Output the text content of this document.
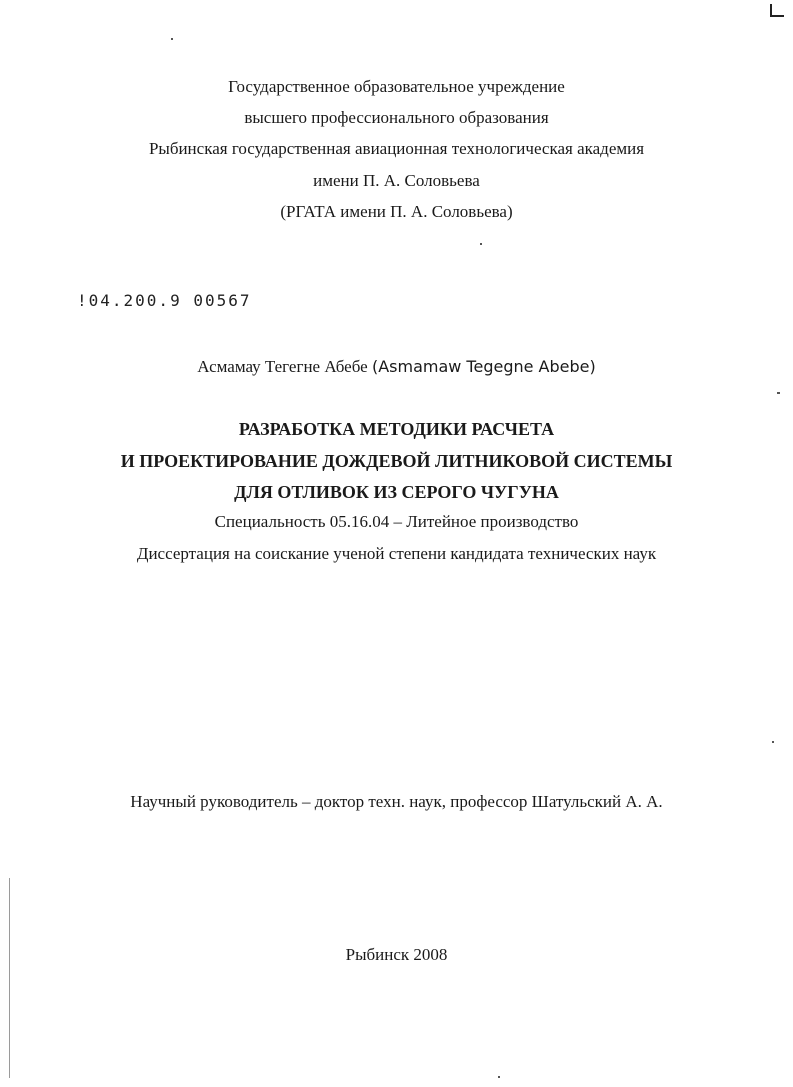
Государственное образовательное учреждение
высшего профессионального образования
Рыбинская государственная авиационная технологическая академия
имени П. А. Соловьева
(РГАТА имени П. А. Соловьева)
!04.200.9 00567
Асмамау Тегегне Абебе (Asmamaw Tegegne Abebe)
РАЗРАБОТКА МЕТОДИКИ РАСЧЕТА
И ПРОЕКТИРОВАНИЕ ДОЖДЕВОЙ ЛИТНИКОВОЙ СИСТЕМЫ
ДЛЯ ОТЛИВОК ИЗ СЕРОГО ЧУГУНА
Специальность 05.16.04 – Литейное производство
Диссертация на соискание ученой степени кандидата технических наук
Научный руководитель – доктор техн. наук, профессор Шатульский А. А.
Рыбинск 2008
